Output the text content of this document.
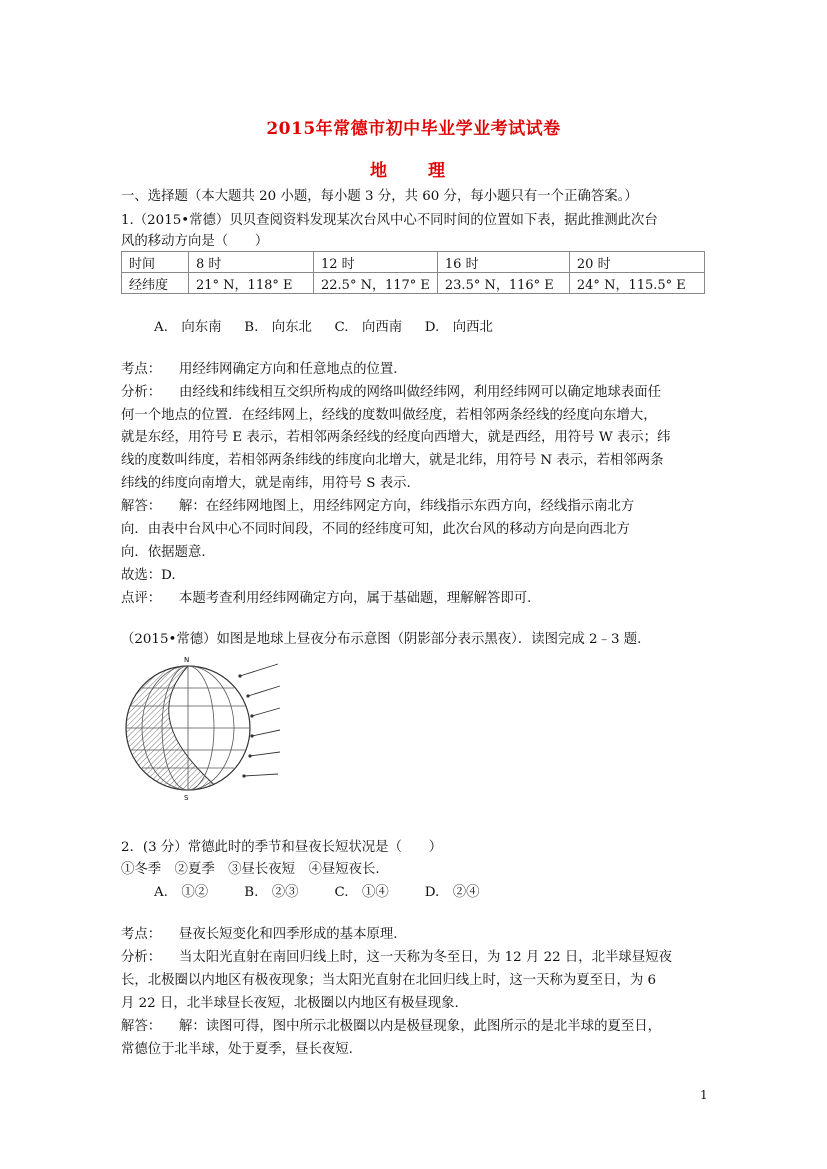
2015年常德市初中毕业学业考试试卷
地　理
一、选择题（本大题共 20 小题，每小题 3 分，共 60 分，每小题只有一个正确答案。）
1.（2015•常德）贝贝查阅资料发现某次台风中心不同时间的位置如下表，据此推测此次台
风的移动方向是（　　）
时间	8 时	12 时	16 时	20 时
经纬度	21° N，118° E	22.5° N，117° E	23.5° N，116° E	24° N，115.5° E
A.　向东南 B.　向东北 C.　向西南 D.　向西北
考点： 用经纬网确定方向和任意地点的位置.
分析： 由经线和纬线相互交织所构成的网络叫做经纬网，利用经纬网可以确定地球表面任
何一个地点的位置．在经纬网上，经线的度数叫做经度，若相邻两条经线的经度向东增大，
就是东经，用符号 E 表示，若相邻两条经线的经度向西增大，就是西经，用符号 W 表示；纬
线的度数叫纬度，若相邻两条纬线的纬度向北增大，就是北纬，用符号 N 表示，若相邻两条
纬线的纬度向南增大，就是南纬，用符号 S 表示.
解答： 解：在经纬网地图上，用经纬网定方向，纬线指示东西方向，经线指示南北方
向．由表中台风中心不同时间段，不同的经纬度可知，此次台风的移动方向是向西北方
向．依据题意.
故选：D.
点评： 本题考查利用经纬网确定方向，属于基础题，理解解答即可.
（2015•常德）如图是地球上昼夜分布示意图（阴影部分表示黑夜）．读图完成 2﹣3 题.
N
S
2．(3 分）常德此时的季节和昼夜长短状况是（　　）
①冬季　②夏季　③昼长夜短　④昼短夜长.
A.　①②	B.　②③	C.　①④	D.　②④
考点： 昼夜长短变化和四季形成的基本原理.
分析： 当太阳光直射在南回归线上时，这一天称为冬至日，为 12 月 22 日，北半球昼短夜
长，北极圈以内地区有极夜现象；当太阳光直射在北回归线上时，这一天称为夏至日，为 6
月 22 日，北半球昼长夜短，北极圈以内地区有极昼现象.
解答： 解：读图可得，图中所示北极圈以内是极昼现象，此图所示的是北半球的夏至日，
常德位于北半球，处于夏季，昼长夜短.
1
